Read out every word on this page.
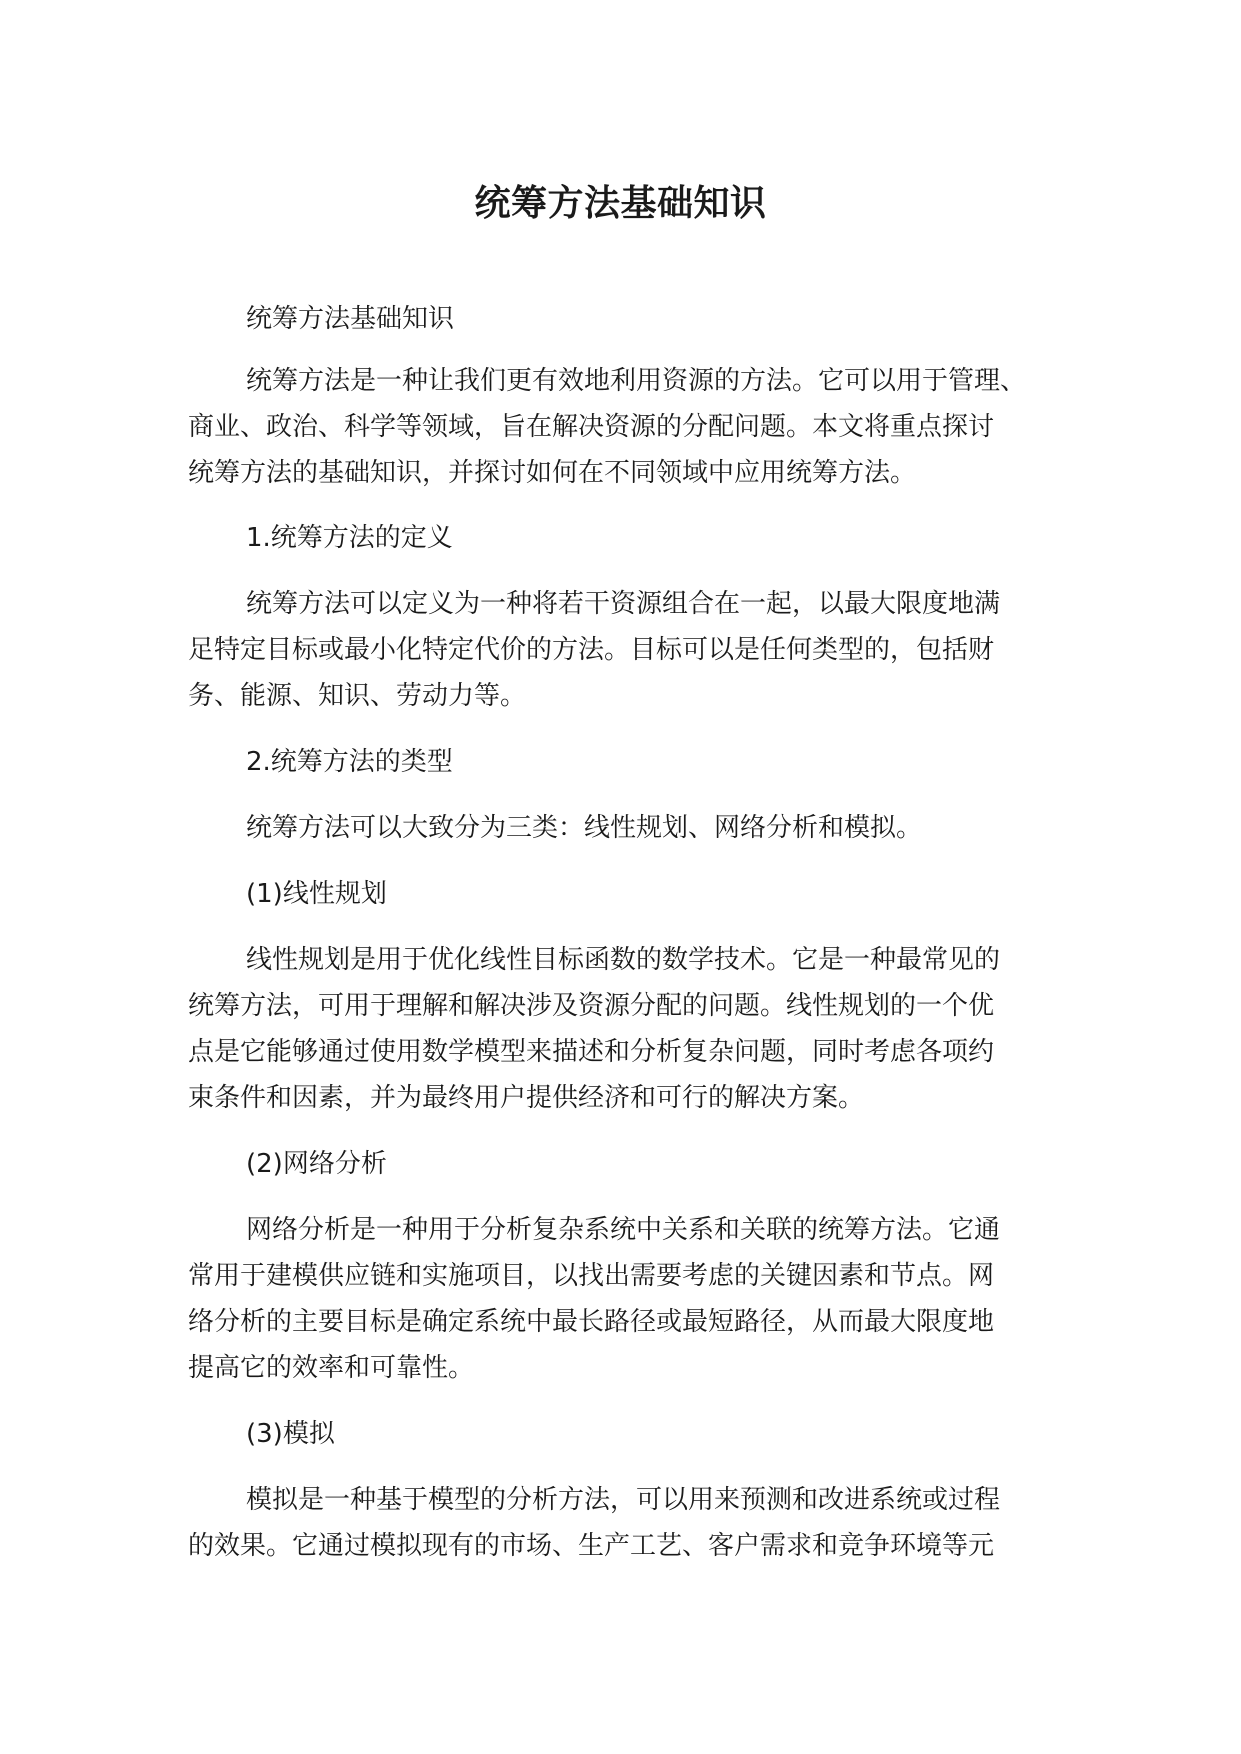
统筹方法基础知识
统筹方法基础知识
统筹方法是一种让我们更有效地利用资源的方法。它可以用于管理、
商业、政治、科学等领域，旨在解决资源的分配问题。本文将重点探讨
统筹方法的基础知识，并探讨如何在不同领域中应用统筹方法。
1.统筹方法的定义
统筹方法可以定义为一种将若干资源组合在一起，以最大限度地满
足特定目标或最小化特定代价的方法。目标可以是任何类型的，包括财
务、能源、知识、劳动力等。
2.统筹方法的类型
统筹方法可以大致分为三类：线性规划、网络分析和模拟。
(1)线性规划
线性规划是用于优化线性目标函数的数学技术。它是一种最常见的
统筹方法，可用于理解和解决涉及资源分配的问题。线性规划的一个优
点是它能够通过使用数学模型来描述和分析复杂问题，同时考虑各项约
束条件和因素，并为最终用户提供经济和可行的解决方案。
(2)网络分析
网络分析是一种用于分析复杂系统中关系和关联的统筹方法。它通
常用于建模供应链和实施项目，以找出需要考虑的关键因素和节点。网
络分析的主要目标是确定系统中最长路径或最短路径，从而最大限度地
提高它的效率和可靠性。
(3)模拟
模拟是一种基于模型的分析方法，可以用来预测和改进系统或过程
的效果。它通过模拟现有的市场、生产工艺、客户需求和竞争环境等元
